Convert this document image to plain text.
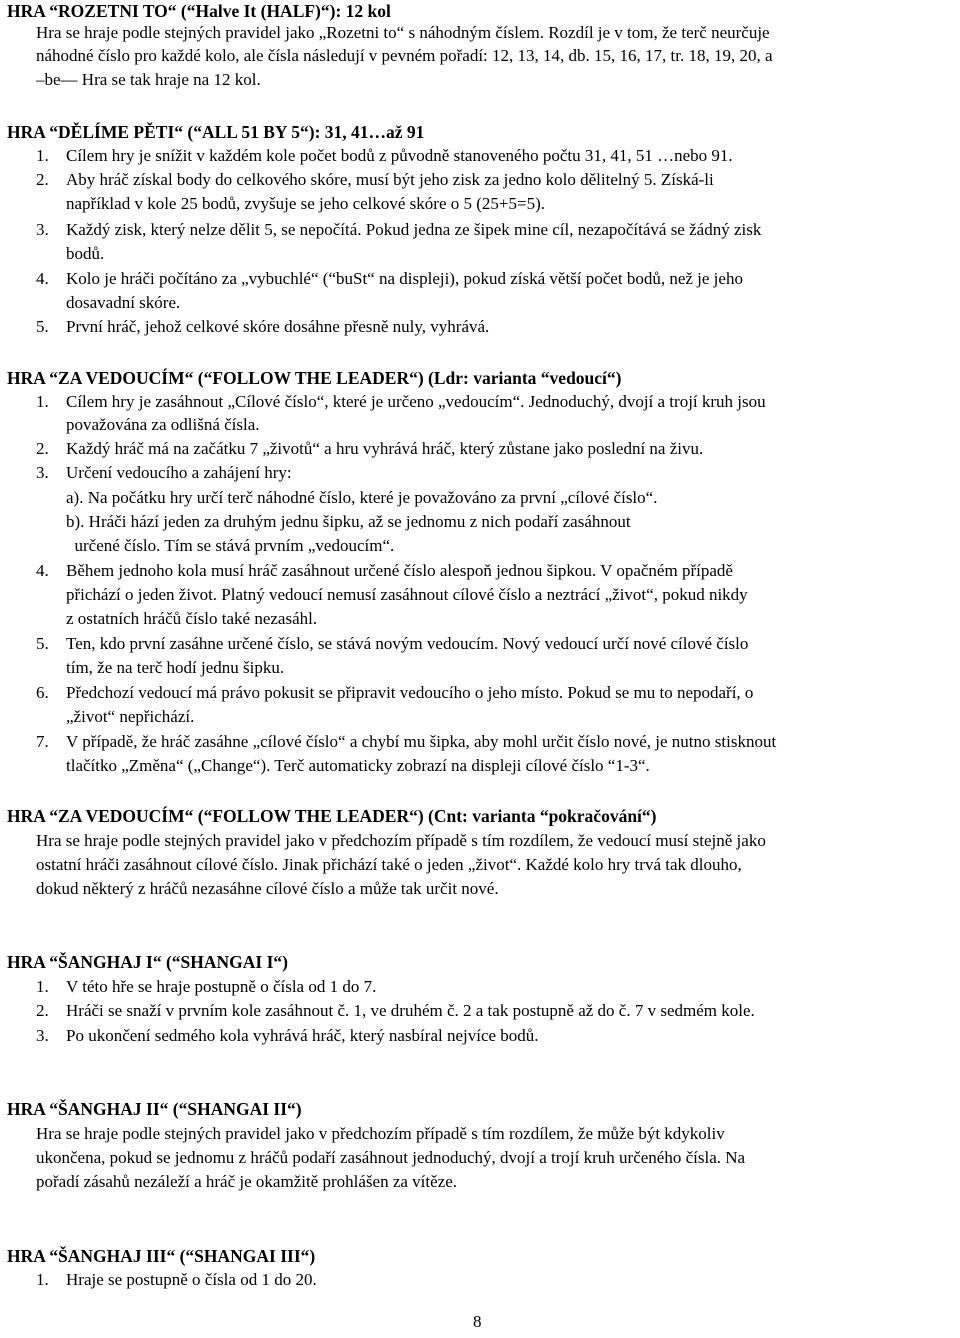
HRA “ROZETNI TO“ (“Halve It (HALF)“): 12 kol
Hra se hraje podle stejných pravidel jako „Rozetni to“ s náhodným číslem. Rozdíl je v tom, že terč neurčuje
náhodné číslo pro každé kolo, ale čísla následují v pevném pořadí: 12, 13, 14, db. 15, 16, 17, tr. 18, 19, 20, a
–be— Hra se tak hraje na 12 kol.
HRA “DĚLÍME PĚTI“ (“ALL 51 BY 5“): 31, 41…až 91
1. Cílem hry je snížit v každém kole počet bodů z původně stanoveného počtu 31, 41, 51 …nebo 91.
2. Aby hráč získal body do celkového skóre, musí být jeho zisk za jedno kolo dělitelný 5. Získá-li
například v kole 25 bodů, zvyšuje se jeho celkové skóre o 5 (25+5=5).
3. Každý zisk, který nelze dělit 5, se nepočítá. Pokud jedna ze šipek mine cíl, nezapočítává se žádný zisk
bodů.
4. Kolo je hráči počítáno za „vybuchlé“ (“buSt“ na displeji), pokud získá větší počet bodů, než je jeho
dosavadní skóre.
5. První hráč, jehož celkové skóre dosáhne přesně nuly, vyhrává.
HRA “ZA VEDOUCÍM“ (“FOLLOW THE LEADER“) (Ldr: varianta “vedoucí“)
1. Cílem hry je zasáhnout „Cílové číslo“, které je určeno „vedoucím“. Jednoduchý, dvojí a trojí kruh jsou
považována za odlišná čísla.
2. Každý hráč má na začátku 7 „životů“ a hru vyhrává hráč, který zůstane jako poslední na živu.
3. Určení vedoucího a zahájení hry:
a). Na počátku hry určí terč náhodné číslo, které je považováno za první „cílové číslo“.
b). Hráči hází jeden za druhým jednu šipku, až se jednomu z nich podaří zasáhnout
určené číslo. Tím se stává prvním „vedoucím“.
4. Během jednoho kola musí hráč zasáhnout určené číslo alespoň jednou šipkou. V opačném případě
přichází o jeden život. Platný vedoucí nemusí zasáhnout cílové číslo a neztrácí „život“, pokud nikdy
z ostatních hráčů číslo také nezasáhl.
5. Ten, kdo první zasáhne určené číslo, se stává novým vedoucím. Nový vedoucí určí nové cílové číslo
tím, že na terč hodí jednu šipku.
6. Předchozí vedoucí má právo pokusit se připravit vedoucího o jeho místo. Pokud se mu to nepodaří, o
„život“ nepřichází.
7. V případě, že hráč zasáhne „cílové číslo“ a chybí mu šipka, aby mohl určit číslo nové, je nutno stisknout
tlačítko „Změna“ („Change“). Terč automaticky zobrazí na displeji cílové číslo “1-3“.
HRA “ZA VEDOUCÍM“ (“FOLLOW THE LEADER“) (Cnt: varianta “pokračování“)
Hra se hraje podle stejných pravidel jako v předchozím případě s tím rozdílem, že vedoucí musí stejně jako
ostatní hráči zasáhnout cílové číslo. Jinak přichází také o jeden „život“. Každé kolo hry trvá tak dlouho,
dokud některý z hráčů nezasáhne cílové číslo a může tak určit nové.
HRA “ŠANGHAJ I“ (“SHANGAI I“)
1. V této hře se hraje postupně o čísla od 1 do 7.
2. Hráči se snaží v prvním kole zasáhnout č. 1, ve druhém č. 2 a tak postupně až do č. 7 v sedmém kole.
3. Po ukončení sedmého kola vyhrává hráč, který nasbíral nejvíce bodů.
HRA “ŠANGHAJ II“ (“SHANGAI II“)
Hra se hraje podle stejných pravidel jako v předchozím případě s tím rozdílem, že může být kdykoliv
ukončena, pokud se jednomu z hráčů podaří zasáhnout jednoduchý, dvojí a trojí kruh určeného čísla. Na
pořadí zásahů nezáleží a hráč je okamžitě prohlášen za vítěze.
HRA “ŠANGHAJ III“ (“SHANGAI III“)
1. Hraje se postupně o čísla od 1 do 20.
8
